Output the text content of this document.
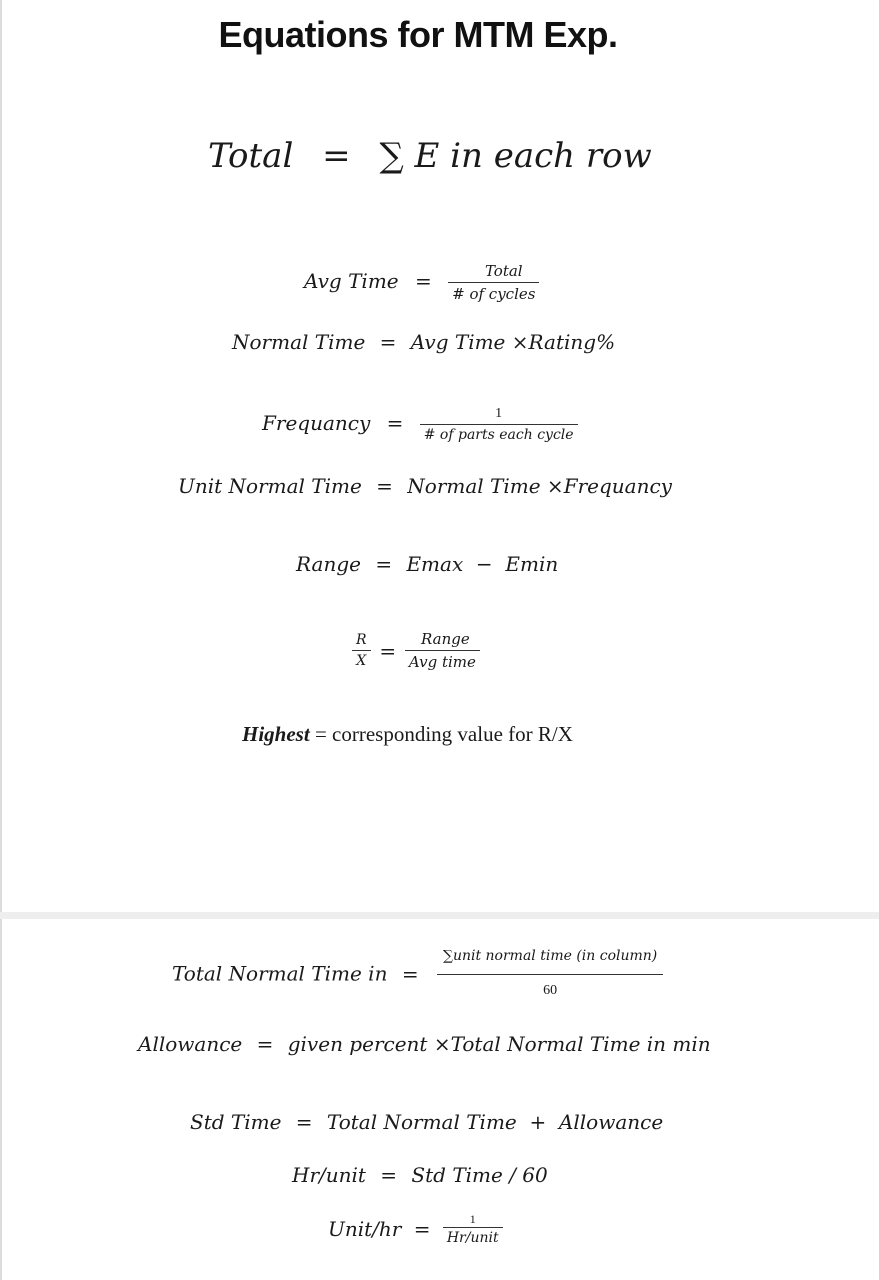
Equations for MTM Exp.
Total = ∑ E in each row
Avg Time = $\frac{\text{Total}}{\text{\# of cycles}}$
Normal Time = Avg Time ×Rating%
Frequancy = $\frac{1}{\text{\# of parts each cycle}}$
Unit Normal Time = Normal Time ×Frequancy
Range = Emax  −  Emin
$\frac{R}{X} = \frac{\text{Range}}{\text{Avg time}}$
Highest = corresponding value for R/X
Total Normal Time in = $\frac{\text{∑unit normal time (in column)}}{60}$
Allowance = given percent ×Total Normal Time in min
Std Time = Total Normal Time  +  Allowance
Hr/unit = Std Time / 60
Unit/hr = $\frac{1}{\text{Hr/unit}}$
